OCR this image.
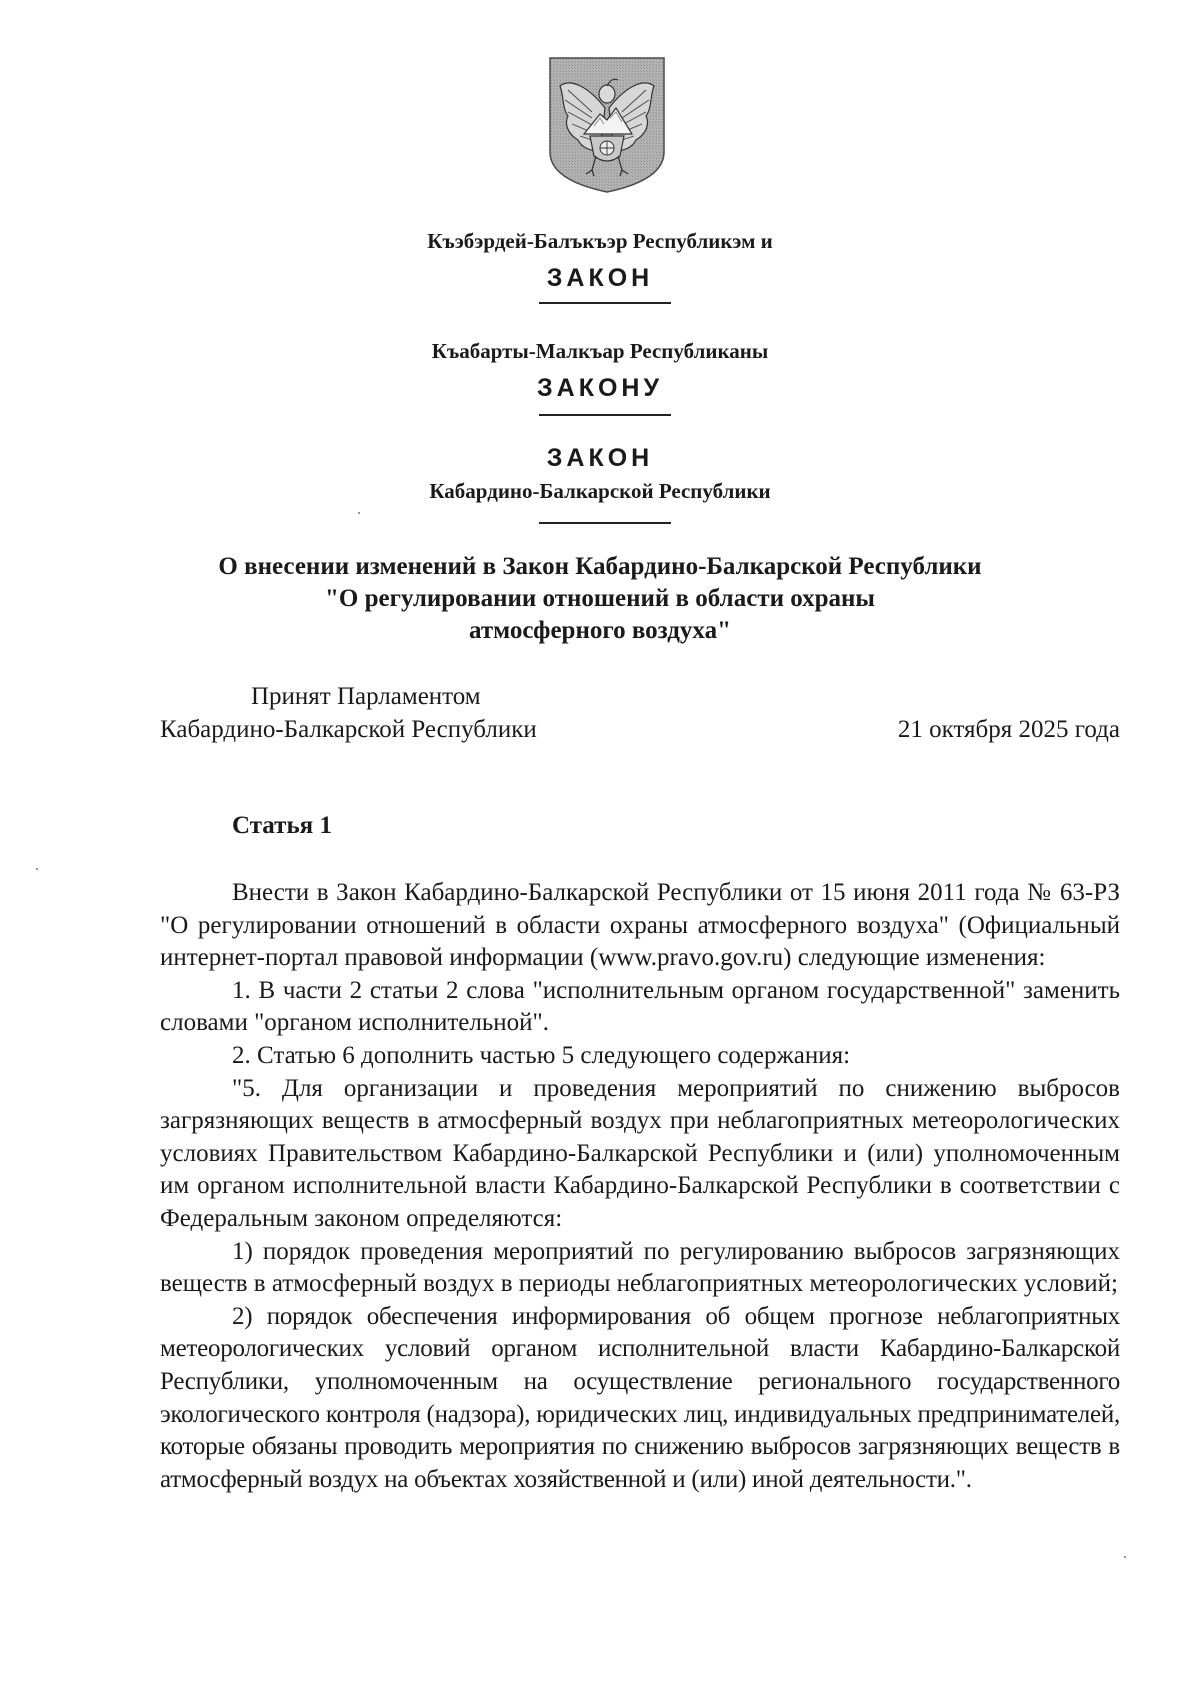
Къэбэрдей-Балъкъэр Республикэм и
ЗАКОН
Къабарты-Малкъар Республиканы
ЗАКОНУ
ЗАКОН
Кабардино-Балкарской Республики
О внесении изменений в Закон Кабардино-Балкарской Республики
"О регулировании отношений в области охраны
атмосферного воздуха"
Принят Парламентом
Кабардино-Балкарской Республики	21 октября 2025 года
Статья 1

Внести в Закон Кабардино-Балкарской Республики от 15 июня 2011 года № 63-РЗ "О регулировании отношений в области охраны атмосферного воздуха" (Официальный интернет-портал правовой информации (www.pravo.gov.ru) следующие изменения:

1. В части 2 статьи 2 слова "исполнительным органом государственной" заменить словами "органом исполнительной".

2. Статью 6 дополнить частью 5 следующего содержания:

"5. Для организации и проведения мероприятий по снижению выбросов загрязняющих веществ в атмосферный воздух при неблагоприятных метеорологических условиях Правительством Кабардино-Балкарской Республики и (или) уполномоченным им органом исполнительной власти Кабардино-Балкарской Республики в соответствии с Федеральным законом определяются:

1) порядок проведения мероприятий по регулированию выбросов загрязняющих веществ в атмосферный воздух в периоды неблагоприятных метеорологических условий;

2) порядок обеспечения информирования об общем прогнозе неблагоприятных метеорологических условий органом исполнительной власти Кабардино-Балкарской Республики, уполномоченным на осуществление регионального государственного экологического контроля (надзора), юридических лиц, индивидуальных предпринимателей, которые обязаны проводить мероприятия по снижению выбросов загрязняющих веществ в атмосферный воздух на объектах хозяйственной и (или) иной деятельности.".
